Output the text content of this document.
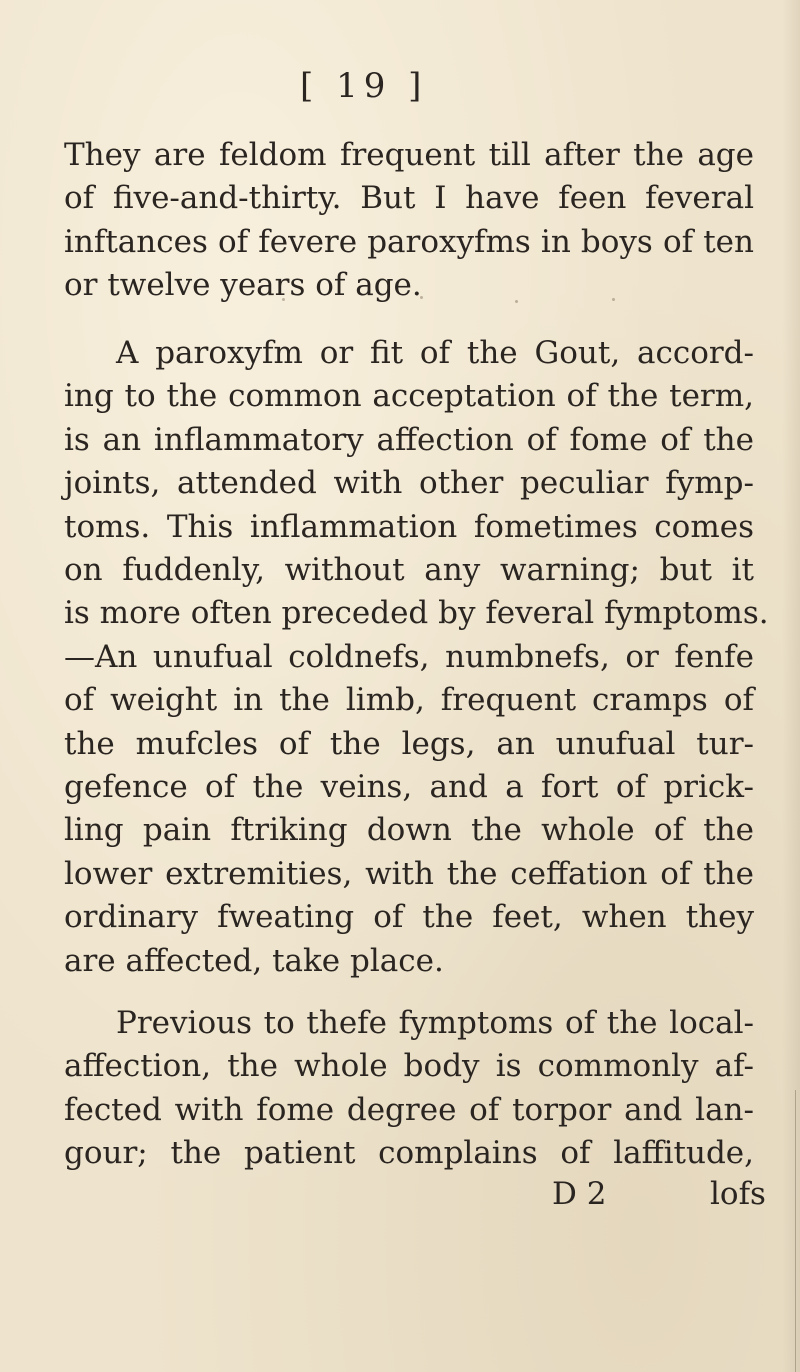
[ 19 ]
They are feldom frequent till after the age
of five-and-thirty. But I have feen feveral
inftances of fevere paroxyfms in boys of ten
or twelve years of age.
A paroxyfm or fit of the Gout, accord-
ing to the common acceptation of the term,
is an inflammatory affection of fome of the
joints, attended with other peculiar fymp-
toms. This inflammation fometimes comes
on fuddenly, without any warning; but it
is more often preceded by feveral fymptoms.
—An unufual coldnefs, numbnefs, or fenfe
of weight in the limb, frequent cramps of
the mufcles of the legs, an unufual tur-
gefence of the veins, and a fort of prick-
ling pain ftriking down the whole of the
lower extremities, with the ceffation of the
ordinary fweating of the feet, when they
are affected, take place.
Previous to thefe fymptoms of the local-
affection, the whole body is commonly af-
fected with fome degree of torpor and lan-
gour; the patient complains of laffitude,
D 2	lofs
